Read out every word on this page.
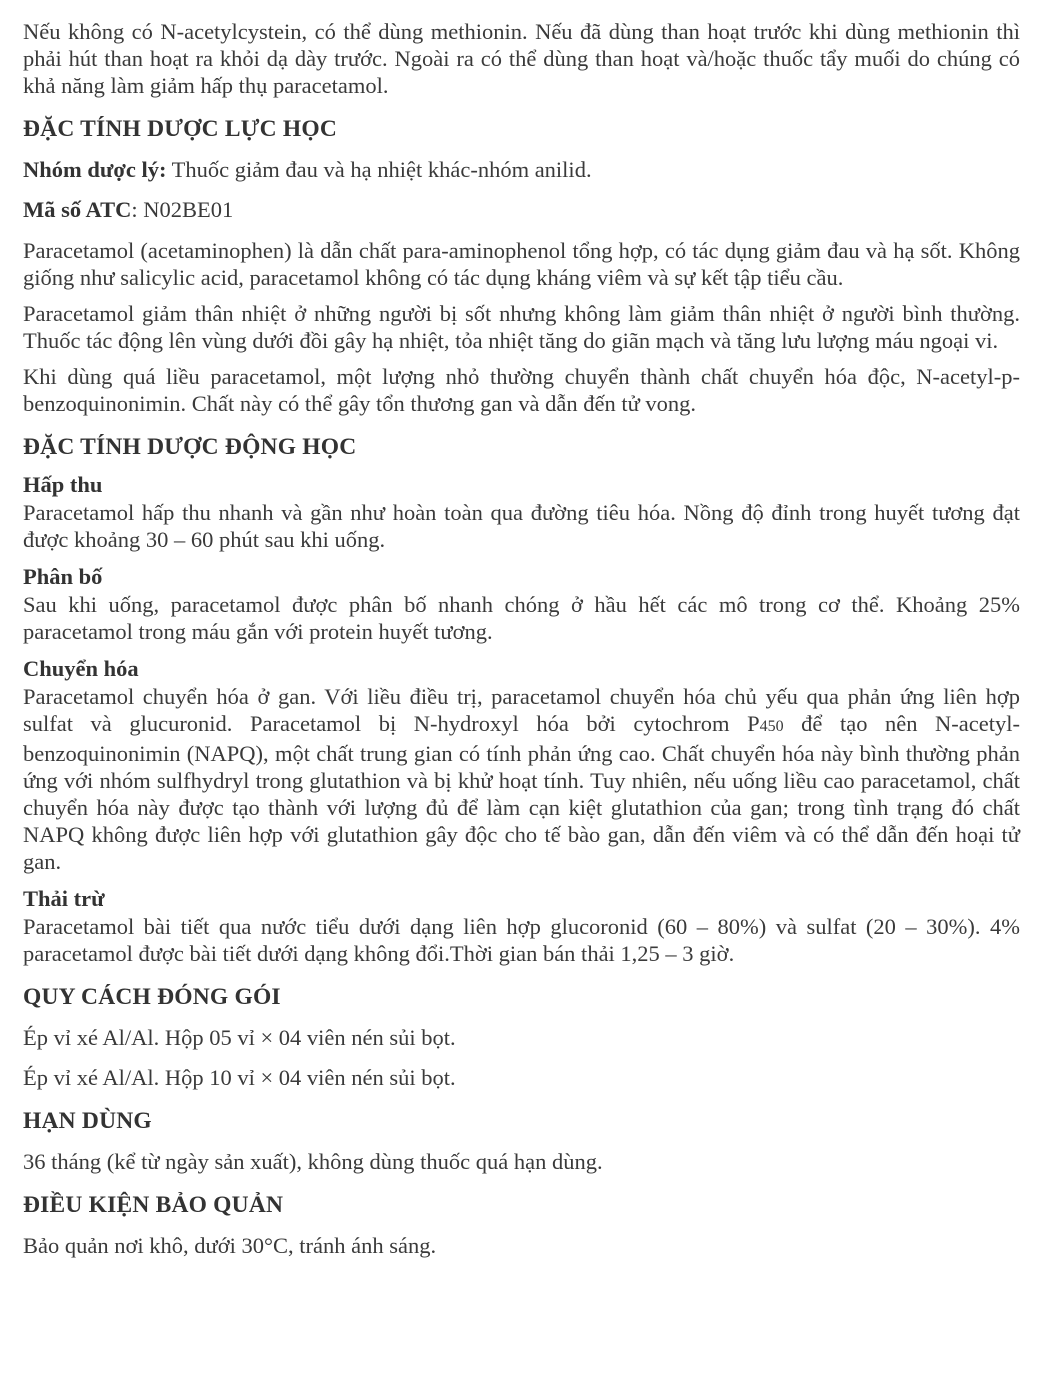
Nếu không có N-acetylcystein, có thể dùng methionin. Nếu đã dùng than hoạt trước khi dùng methionin thì phải hút than hoạt ra khỏi dạ dày trước. Ngoài ra có thể dùng than hoạt và/hoặc thuốc tẩy muối do chúng có khả năng làm giảm hấp thụ paracetamol.

ĐẶC TÍNH DƯỢC LỰC HỌC

Nhóm dược lý: Thuốc giảm đau và hạ nhiệt khác-nhóm anilid.

Mã số ATC: N02BE01

Paracetamol (acetaminophen) là dẫn chất para-aminophenol tổng hợp, có tác dụng giảm đau và hạ sốt. Không giống như salicylic acid, paracetamol không có tác dụng kháng viêm và sự kết tập tiểu cầu.

Paracetamol giảm thân nhiệt ở những người bị sốt nhưng không làm giảm thân nhiệt ở người bình thường. Thuốc tác động lên vùng dưới đồi gây hạ nhiệt, tỏa nhiệt tăng do giãn mạch và tăng lưu lượng máu ngoại vi.

Khi dùng quá liều paracetamol, một lượng nhỏ thường chuyển thành chất chuyển hóa độc, N-acetyl-p-benzoquinonimin. Chất này có thể gây tổn thương gan và dẫn đến tử vong.

ĐẶC TÍNH DƯỢC ĐỘNG HỌC
Hấp thu

Paracetamol hấp thu nhanh và gần như hoàn toàn qua đường tiêu hóa. Nồng độ đỉnh trong huyết tương đạt được khoảng 30 – 60 phút sau khi uống.

Phân bố

Sau khi uống, paracetamol được phân bố nhanh chóng ở hầu hết các mô trong cơ thể. Khoảng 25% paracetamol trong máu gắn với protein huyết tương.

Chuyển hóa

Paracetamol chuyển hóa ở gan. Với liều điều trị, paracetamol chuyển hóa chủ yếu qua phản ứng liên hợp sulfat và glucuronid. Paracetamol bị N-hydroxyl hóa bởi cytochrom P450 để tạo nên N-acetyl-benzoquinonimin (NAPQ), một chất trung gian có tính phản ứng cao. Chất chuyển hóa này bình thường phản ứng với nhóm sulfhydryl trong glutathion và bị khử hoạt tính. Tuy nhiên, nếu uống liều cao paracetamol, chất chuyển hóa này được tạo thành với lượng đủ để làm cạn kiệt glutathion của gan; trong tình trạng đó chất NAPQ không được liên hợp với glutathion gây độc cho tế bào gan, dẫn đến viêm và có thể dẫn đến hoại tử gan.

Thải trừ

Paracetamol bài tiết qua nước tiểu dưới dạng liên hợp glucoronid (60 – 80%) và sulfat (20 – 30%). 4% paracetamol được bài tiết dưới dạng không đổi.Thời gian bán thải 1,25 – 3 giờ.

QUY CÁCH ĐÓNG GÓI

Ép vỉ xé Al/Al. Hộp 05 vỉ × 04 viên nén sủi bọt.

Ép vỉ xé Al/Al. Hộp 10 vỉ × 04 viên nén sủi bọt.

HẠN DÙNG

36 tháng (kể từ ngày sản xuất), không dùng thuốc quá hạn dùng.

ĐIỀU KIỆN BẢO QUẢN

Bảo quản nơi khô, dưới 30°C, tránh ánh sáng.
